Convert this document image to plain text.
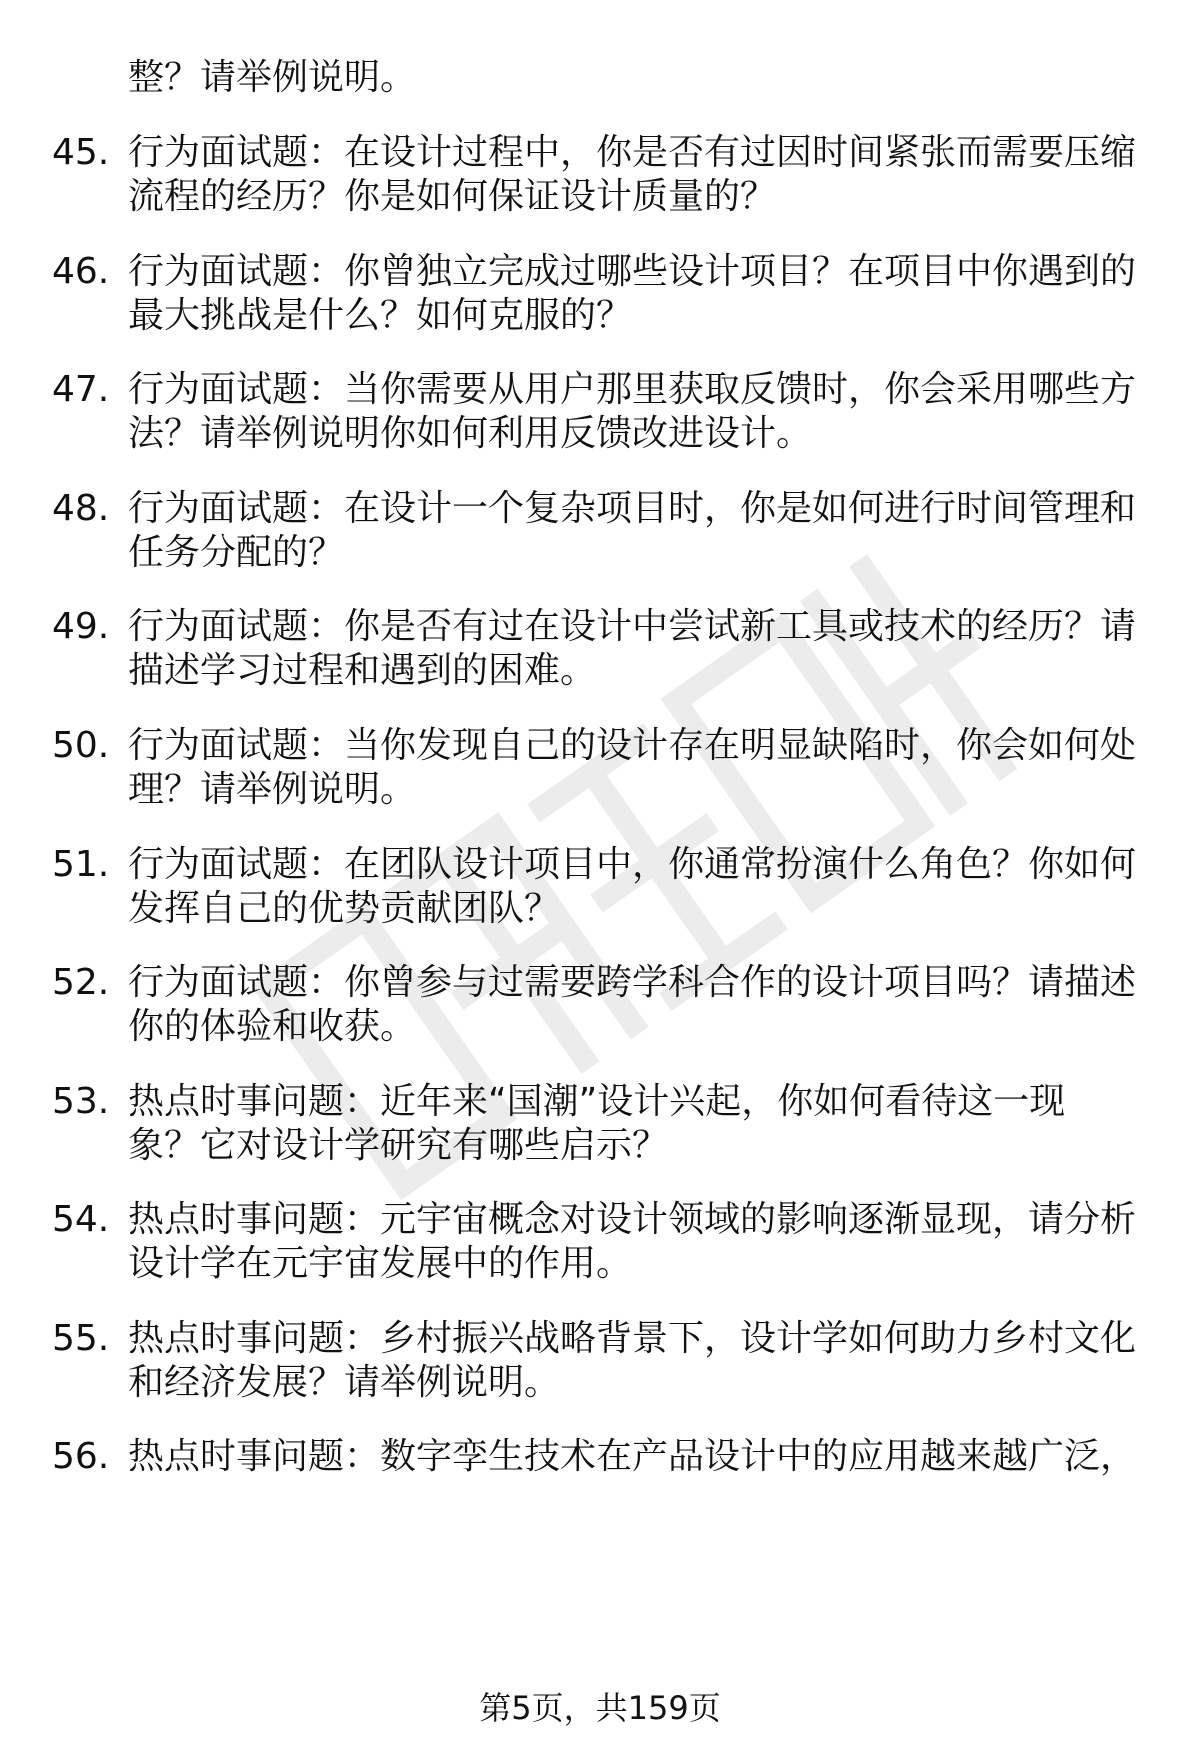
整？请举例说明。
45. 行为面试题：在设计过程中，你是否有过因时间紧张而需要压缩
流程的经历？你是如何保证设计质量的？
46. 行为面试题：你曾独立完成过哪些设计项目？在项目中你遇到的
最大挑战是什么？如何克服的？
47. 行为面试题：当你需要从用户那里获取反馈时，你会采用哪些方
法？请举例说明你如何利用反馈改进设计。
48. 行为面试题：在设计一个复杂项目时，你是如何进行时间管理和
任务分配的？
49. 行为面试题：你是否有过在设计中尝试新工具或技术的经历？请
描述学习过程和遇到的困难。
50. 行为面试题：当你发现自己的设计存在明显缺陷时，你会如何处
理？请举例说明。
51. 行为面试题：在团队设计项目中，你通常扮演什么角色？你如何
发挥自己的优势贡献团队？
52. 行为面试题：你曾参与过需要跨学科合作的设计项目吗？请描述
你的体验和收获。
53. 热点时事问题：近年来“国潮”设计兴起，你如何看待这一现
象？它对设计学研究有哪些启示？
54. 热点时事问题：元宇宙概念对设计领域的影响逐渐显现，请分析
设计学在元宇宙发展中的作用。
55. 热点时事问题：乡村振兴战略背景下，设计学如何助力乡村文化
和经济发展？请举例说明。
56. 热点时事问题：数字孪生技术在产品设计中的应用越来越广泛，
第5页，共159页
